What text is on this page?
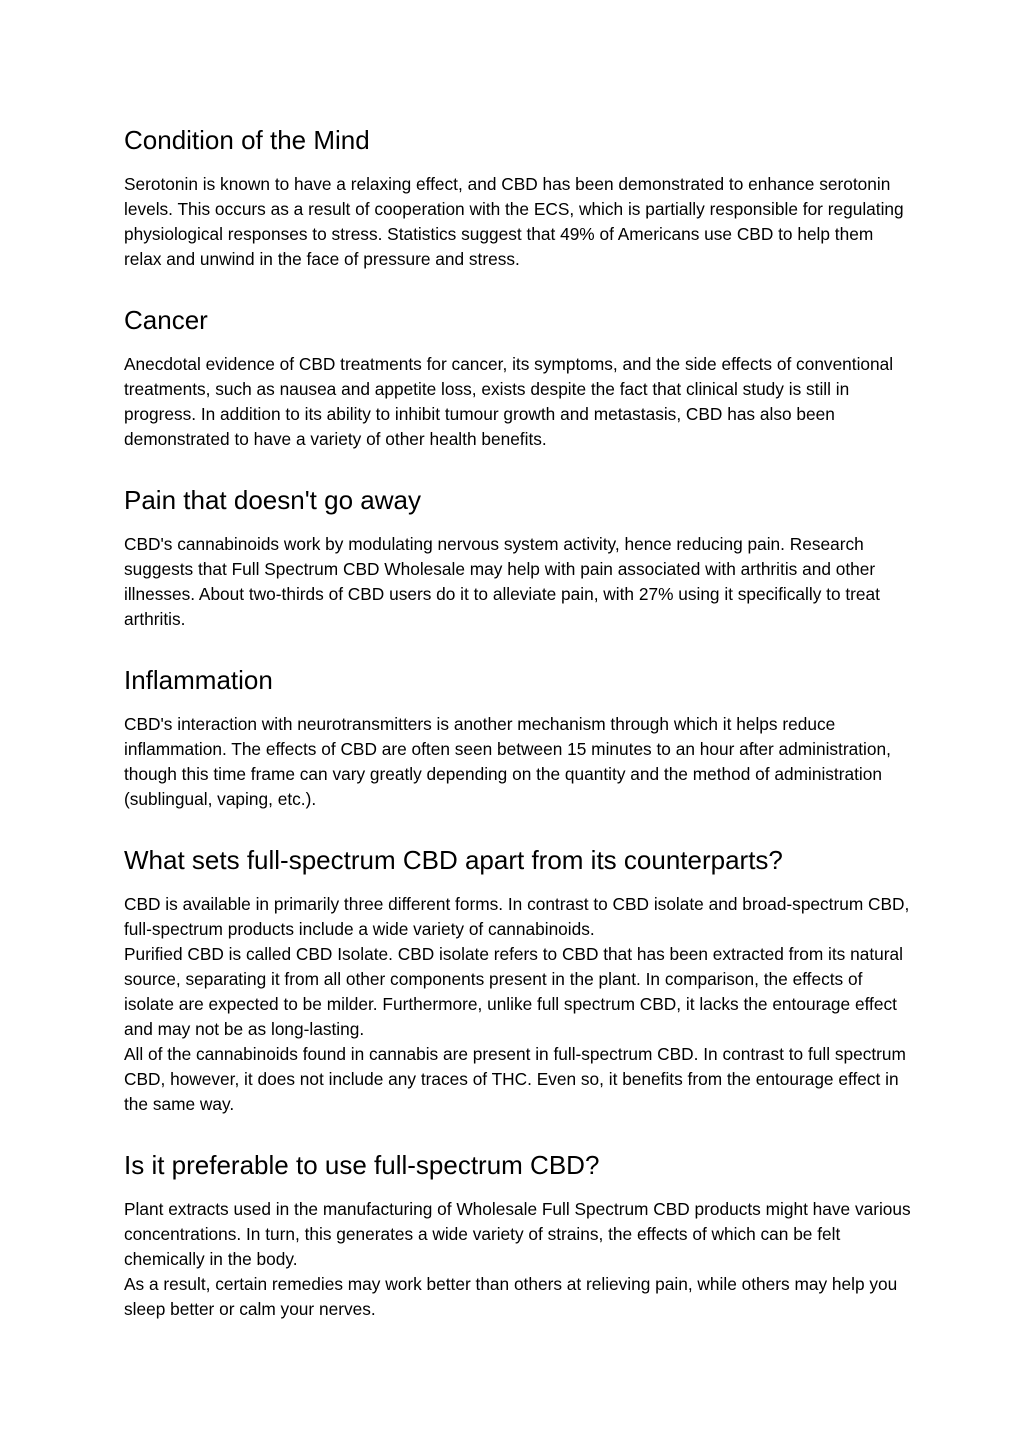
Condition of the Mind

Serotonin is known to have a relaxing effect, and CBD has been demonstrated to enhance serotonin levels. This occurs as a result of cooperation with the ECS, which is partially responsible for regulating physiological responses to stress. Statistics suggest that 49% of Americans use CBD to help them relax and unwind in the face of pressure and stress.

Cancer

Anecdotal evidence of CBD treatments for cancer, its symptoms, and the side effects of conventional treatments, such as nausea and appetite loss, exists despite the fact that clinical study is still in progress. In addition to its ability to inhibit tumour growth and metastasis, CBD has also been demonstrated to have a variety of other health benefits.

Pain that doesn't go away

CBD's cannabinoids work by modulating nervous system activity, hence reducing pain. Research suggests that Full Spectrum CBD Wholesale may help with pain associated with arthritis and other illnesses. About two-thirds of CBD users do it to alleviate pain, with 27% using it specifically to treat arthritis.

Inflammation

CBD's interaction with neurotransmitters is another mechanism through which it helps reduce inflammation. The effects of CBD are often seen between 15 minutes to an hour after administration, though this time frame can vary greatly depending on the quantity and the method of administration (sublingual, vaping, etc.).

What sets full-spectrum CBD apart from its counterparts?

CBD is available in primarily three different forms. In contrast to CBD isolate and broad-spectrum CBD, full-spectrum products include a wide variety of cannabinoids.

Purified CBD is called CBD Isolate. CBD isolate refers to CBD that has been extracted from its natural source, separating it from all other components present in the plant. In comparison, the effects of isolate are expected to be milder. Furthermore, unlike full spectrum CBD, it lacks the entourage effect and may not be as long-lasting.

All of the cannabinoids found in cannabis are present in full-spectrum CBD. In contrast to full spectrum CBD, however, it does not include any traces of THC. Even so, it benefits from the entourage effect in the same way.

Is it preferable to use full-spectrum CBD?

Plant extracts used in the manufacturing of Wholesale Full Spectrum CBD products might have various concentrations. In turn, this generates a wide variety of strains, the effects of which can be felt chemically in the body.

As a result, certain remedies may work better than others at relieving pain, while others may help you sleep better or calm your nerves.
